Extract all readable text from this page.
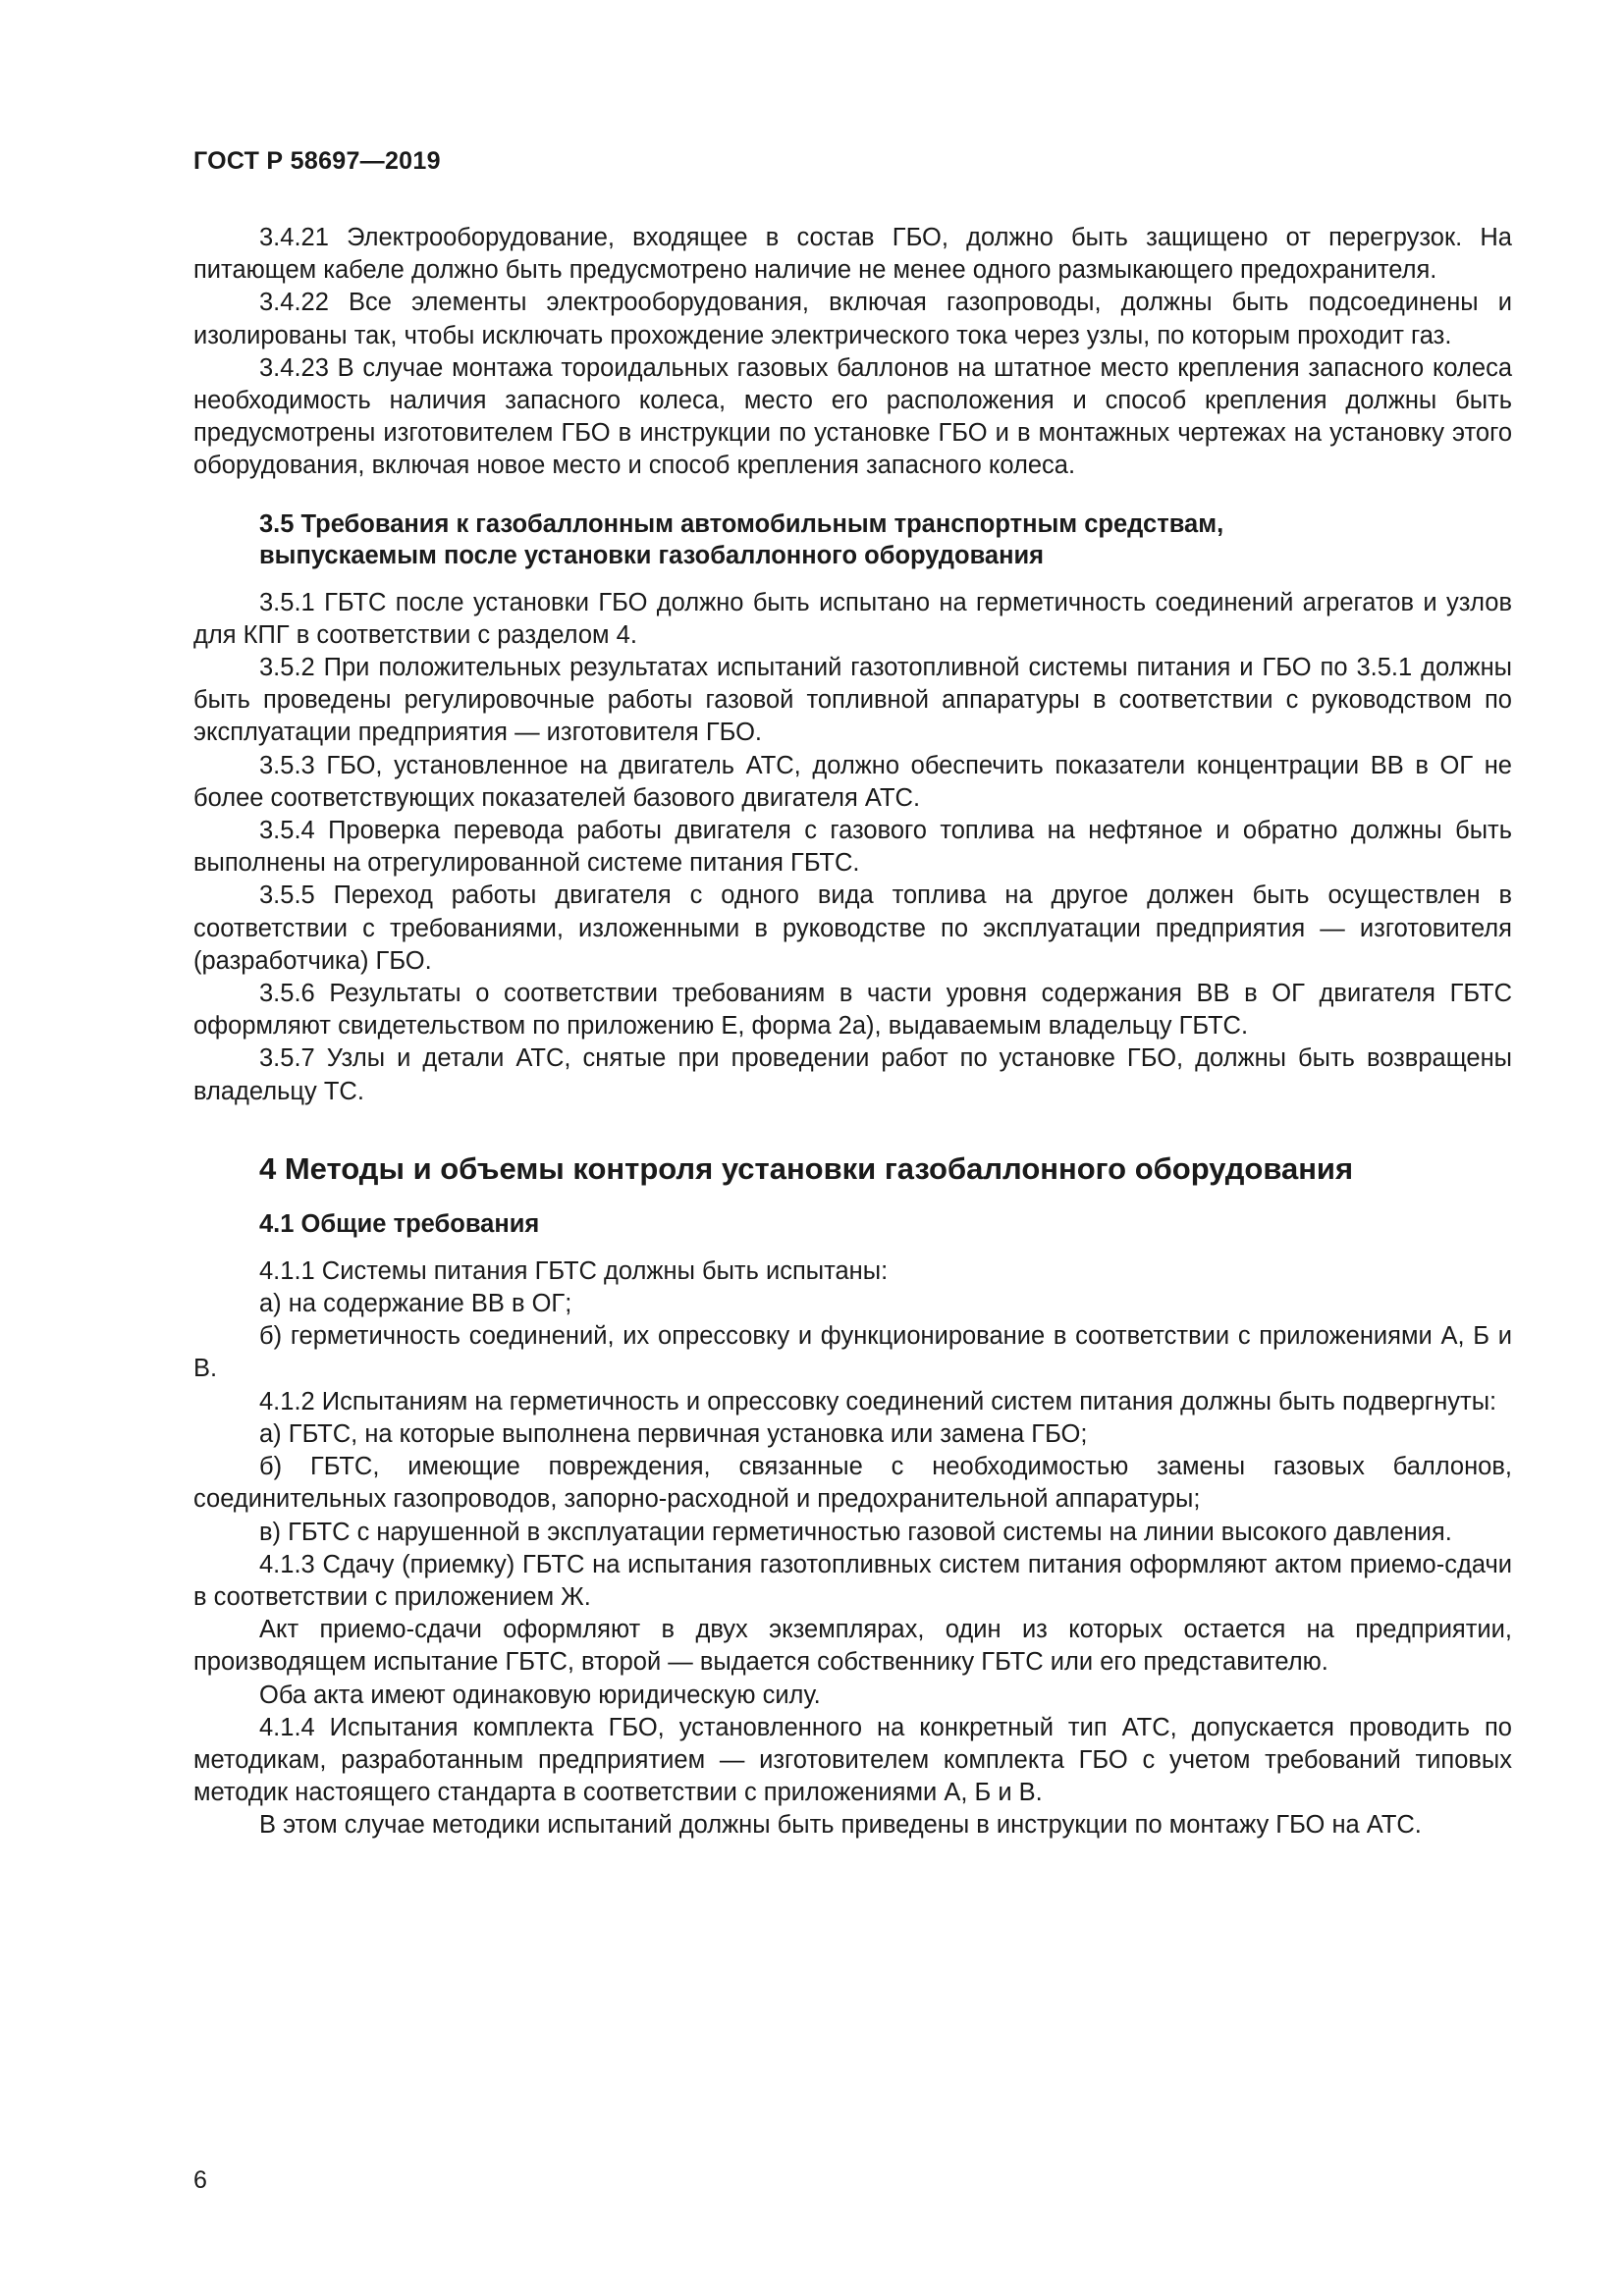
ГОСТ Р 58697—2019

3.4.21 Электрооборудование, входящее в состав ГБО, должно быть защищено от перегрузок. На питающем кабеле должно быть предусмотрено наличие не менее одного размыкающего предохранителя.

3.4.22 Все элементы электрооборудования, включая газопроводы, должны быть подсоединены и изолированы так, чтобы исключать прохождение электрического тока через узлы, по которым проходит газ.

3.4.23 В случае монтажа тороидальных газовых баллонов на штатное место крепления запасного колеса необходимость наличия запасного колеса, место его расположения и способ крепления должны быть предусмотрены изготовителем ГБО в инструкции по установке ГБО и в монтажных чертежах на установку этого оборудования, включая новое место и способ крепления запасного колеса.

3.5 Требования к газобаллонным автомобильным транспортным средствам,
выпускаемым после установки газобаллонного оборудования

3.5.1 ГБТС после установки ГБО должно быть испытано на герметичность соединений агрегатов и узлов для КПГ в соответствии с разделом 4.

3.5.2 При положительных результатах испытаний газотопливной системы питания и ГБО по 3.5.1 должны быть проведены регулировочные работы газовой топливной аппаратуры в соответствии с руководством по эксплуатации предприятия — изготовителя ГБО.

3.5.3 ГБО, установленное на двигатель АТС, должно обеспечить показатели концентрации ВВ в ОГ не более соответствующих показателей базового двигателя АТС.

3.5.4 Проверка перевода работы двигателя с газового топлива на нефтяное и обратно должны быть выполнены на отрегулированной системе питания ГБТС.

3.5.5 Переход работы двигателя с одного вида топлива на другое должен быть осуществлен в соответствии с требованиями, изложенными в руководстве по эксплуатации предприятия — изготовителя (разработчика) ГБО.

3.5.6 Результаты о соответствии требованиям в части уровня содержания ВВ в ОГ двигателя ГБТС оформляют свидетельством по приложению Е, форма 2а), выдаваемым владельцу ГБТС.

3.5.7 Узлы и детали АТС, снятые при проведении работ по установке ГБО, должны быть возвращены владельцу ТС.

4 Методы и объемы контроля установки газобаллонного оборудования
4.1 Общие требования

4.1.1 Системы питания ГБТС должны быть испытаны:

а) на содержание ВВ в ОГ;

б) герметичность соединений, их опрессовку и функционирование в соответствии с приложениями А, Б и В.

4.1.2 Испытаниям на герметичность и опрессовку соединений систем питания должны быть подвергнуты:

а) ГБТС, на которые выполнена первичная установка или замена ГБО;

б) ГБТС, имеющие повреждения, связанные с необходимостью замены газовых баллонов, соединительных газопроводов, запорно-расходной и предохранительной аппаратуры;

в) ГБТС с нарушенной в эксплуатации герметичностью газовой системы на линии высокого давления.

4.1.3 Сдачу (приемку) ГБТС на испытания газотопливных систем питания оформляют актом приемо-сдачи в соответствии с приложением Ж.

Акт приемо-сдачи оформляют в двух экземплярах, один из которых остается на предприятии, производящем испытание ГБТС, второй — выдается собственнику ГБТС или его представителю.

Оба акта имеют одинаковую юридическую силу.

4.1.4 Испытания комплекта ГБО, установленного на конкретный тип АТС, допускается проводить по методикам, разработанным предприятием — изготовителем комплекта ГБО с учетом требований типовых методик настоящего стандарта в соответствии с приложениями А, Б и В.

В этом случае методики испытаний должны быть приведены в инструкции по монтажу ГБО на АТС.

6
